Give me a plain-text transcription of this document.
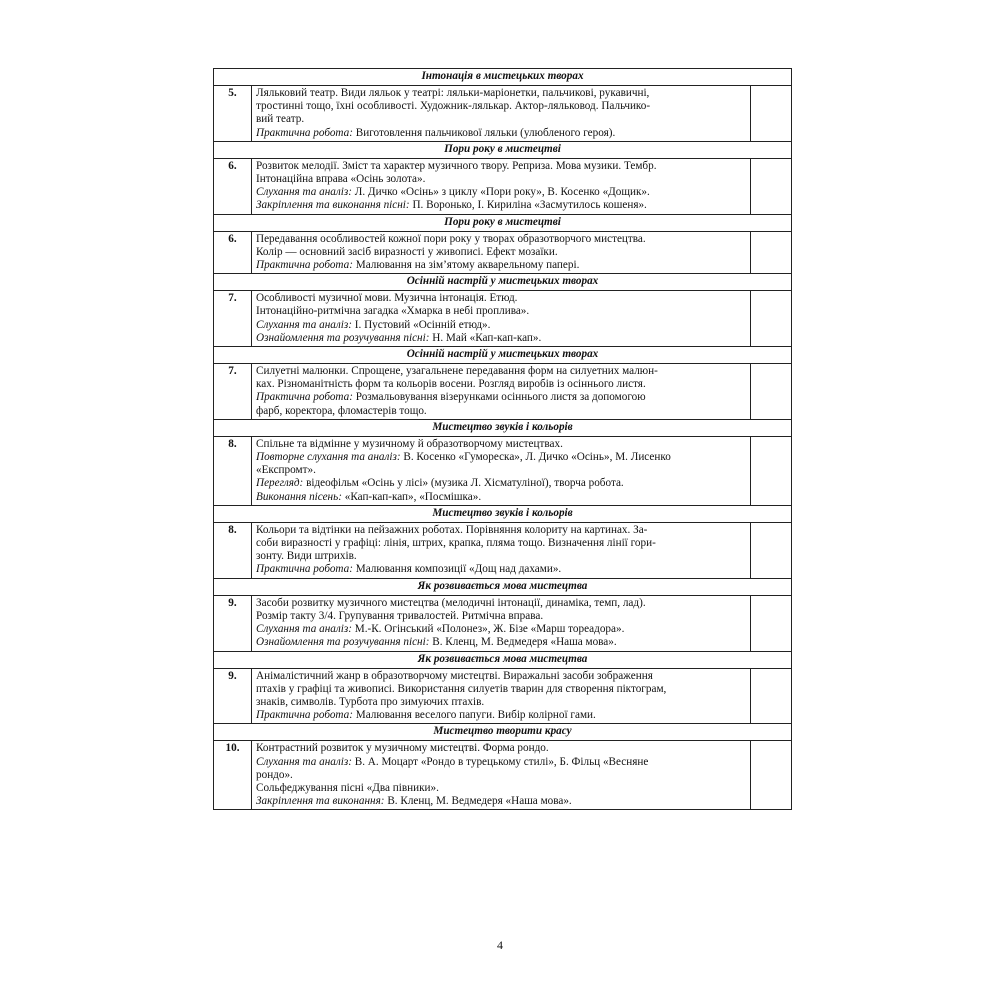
Інтонація в мистецьких творах		
5.	Ляльковий театр. Види ляльок у театрі: ляльки-маріонетки, пальчикові, рукавичні,
тростинні тощо, їхні особливості. Художник-лялькар. Актор-ляльковод. Пальчико-
вий театр.
Практична робота: Виготовлення пальчикової ляльки (улюбленого героя).	

Пори року в мистецтві		
6.	Розвиток мелодії. Зміст та характер музичного твору. Реприза. Мова музики. Тембр.
Інтонаційна вправа «Осінь золота».
Слухання та аналіз: Л. Дичко «Осінь» з циклу «Пори року», В. Косенко «Дощик».
Закріплення та виконання пісні: П. Воронько, І. Кириліна «Засмутилось кошеня».	

Пори року в мистецтві		
6.	Передавання особливостей кожної пори року у творах образотворчого мистецтва.
Колір — основний засіб виразності у живописі. Ефект мозаїки.
Практична робота: Малювання на зім’ятому акварельному папері.	

Осінній настрій у мистецьких творах		
7.	Особливості музичної мови. Музична інтонація. Етюд.
Інтонаційно-ритмічна загадка «Хмарка в небі проплива».
Слухання та аналіз: І. Пустовий «Осінній етюд».
Ознайомлення та розучування пісні: Н. Май «Кап-кап-кап».	

Осінній настрій у мистецьких творах		
7.	Силуетні малюнки. Спрощене, узагальнене передавання форм на силуетних малюн-
ках. Різноманітність форм та кольорів восени. Розгляд виробів із осіннього листя.
Практична робота: Розмальовування візерунками осіннього листя за допомогою
фарб, коректора, фломастерів тощо.	

Мистецтво звуків і кольорів		
8.	Спільне та відмінне у музичному й образотворчому мистецтвах.
Повторне слухання та аналіз: В. Косенко «Гумореска», Л. Дичко «Осінь», М. Лисенко
«Експромт».
Перегляд: відеофільм «Осінь у лісі» (музика Л. Хісматуліної), творча робота.
Виконання пісень: «Кап-кап-кап», «Посмішка».	

Мистецтво звуків і кольорів		
8.	Кольори та відтінки на пейзажних роботах. Порівняння колориту на картинах. За-
соби виразності у графіці: лінія, штрих, крапка, пляма тощо. Визначення лінії гори-
зонту. Види штрихів.
Практична робота: Малювання композиції «Дощ над дахами».	

Як розвивається мова мистецтва		
9.	Засоби розвитку музичного мистецтва (мелодичні інтонації, динаміка, темп, лад).
Розмір такту 3/4. Групування тривалостей. Ритмічна вправа.
Слухання та аналіз: М.-К. Огінський «Полонез», Ж. Бізе «Марш тореадора».
Ознайомлення та розучування пісні: В. Кленц, М. Ведмедеря «Наша мова».	

Як розвивається мова мистецтва		
9.	Анімалістичний жанр в образотворчому мистецтві. Виражальні засоби зображення
птахів у графіці та живописі. Використання силуетів тварин для створення піктограм,
знаків, символів. Турбота про зимуючих птахів.
Практична робота: Малювання веселого папуги. Вибір колірної гами.	

Мистецтво творити красу		
10.	Контрастний розвиток у музичному мистецтві. Форма рондо.
Слухання та аналіз: В. А. Моцарт «Рондо в турецькому стилі», Б. Фільц «Весняне
рондо».
Сольфеджування пісні «Два півники».
Закріплення та виконання: В. Кленц, М. Ведмедеря «Наша мова».	

4
